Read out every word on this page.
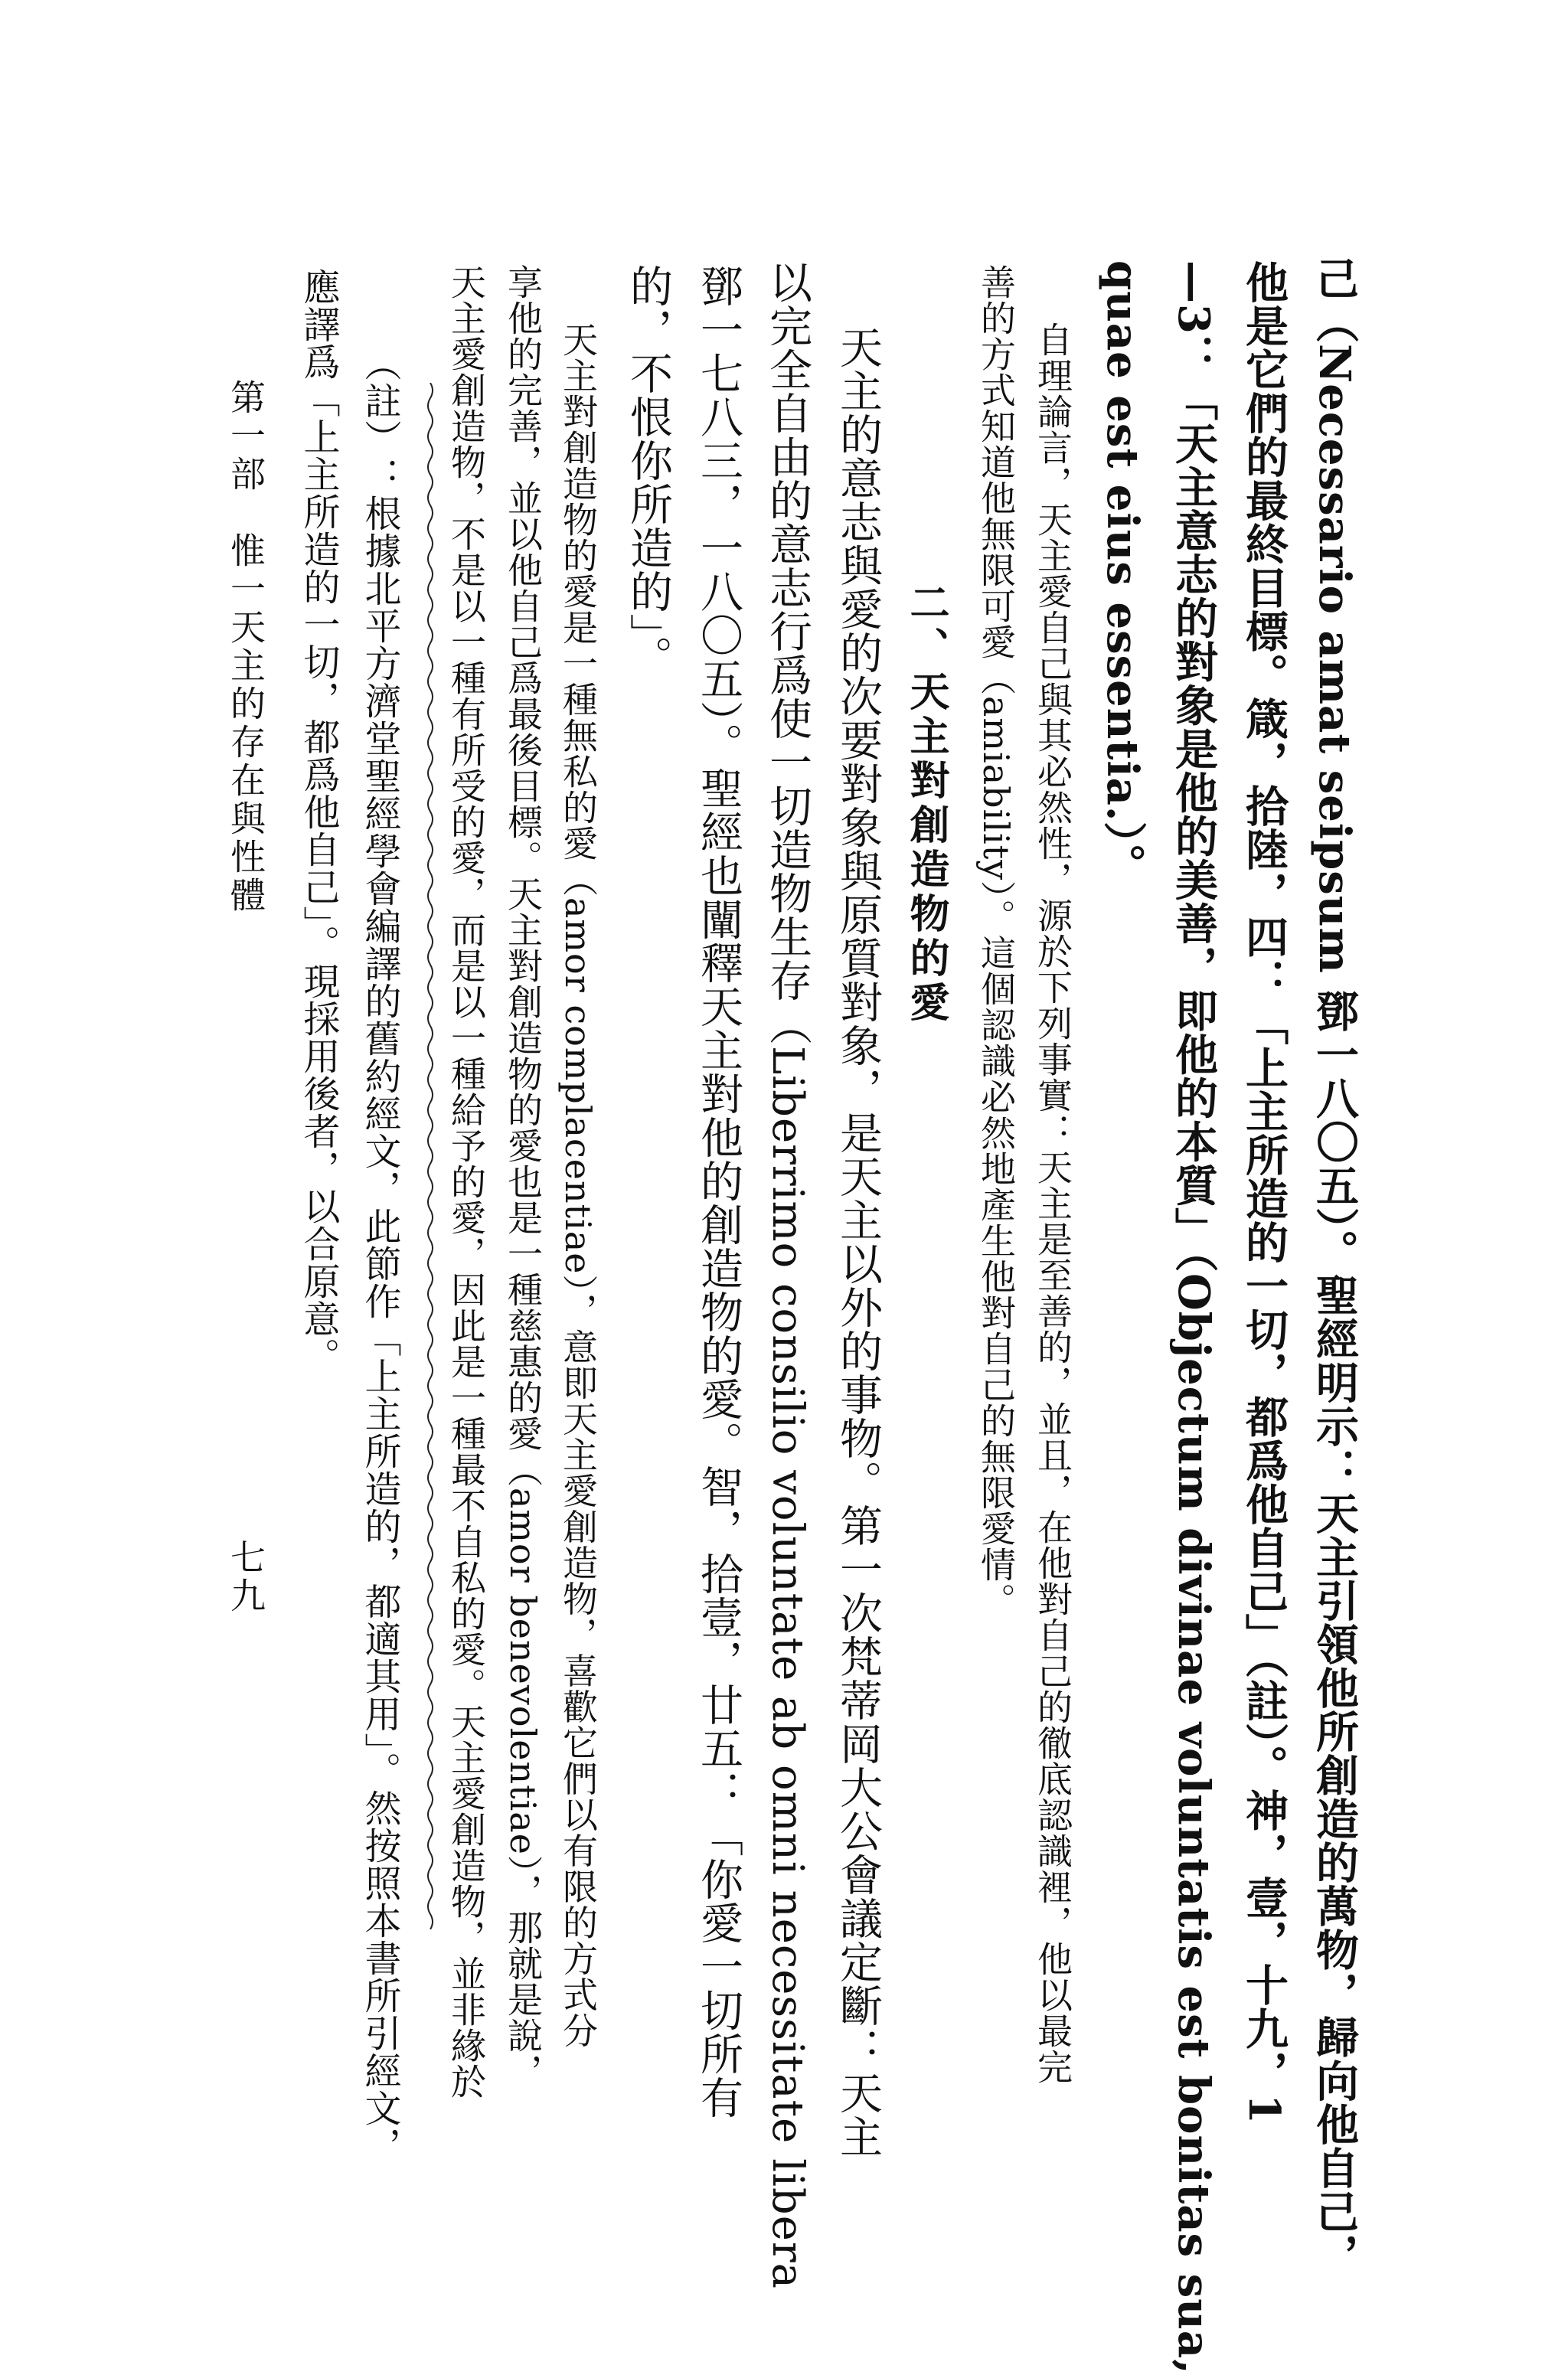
己（Necessario amat seipsum 鄧一八〇五）。聖經明示：天主引領他所創造的萬物，歸向他自己，

他是它們的最終目標。箴，拾陸，四：「上主所造的一切，都爲他自己」（註）。神，壹，十九，1

—3：「天主意志的對象是他的美善，即他的本質」（Objectum divinae voluntatis est bonitas sua,

quae est eius essentia.）。

自理論言，天主愛自己與其必然性，源於下列事實：天主是至善的，並且，在他對自己的徹底認識裡，他以最完

善的方式知道他無限可愛（amiability）。這個認識必然地產生他對自己的無限愛情。

二、天主對創造物的愛

天主的意志與愛的次要對象與原質對象，是天主以外的事物。第一次梵蒂岡大公會議定斷：天主

以完全自由的意志行爲使一切造物生存（Liberrimo consilio voluntate ab omni necessitate libera

鄧一七八三，一八〇五）。聖經也闡釋天主對他的創造物的愛。智，拾壹，廿五：「你愛一切所有

的，不恨你所造的」。

天主對創造物的愛是一種無私的愛（amor complacentiae），意即天主愛創造物，喜歡它們以有限的方式分

享他的完善，並以他自己爲最後目標。天主對創造物的愛也是一種慈惠的愛（amor benevolentiae），那就是說，

天主愛創造物，不是以一種有所受的愛，而是以一種給予的愛，因此是一種最不自私的愛。天主愛創造物，並非緣於

（註）：根據北平方濟堂聖經學會編譯的舊約經文，此節作「上主所造的，都適其用」。然按照本書所引經文，

應譯爲「上主所造的一切，都爲他自己」。現採用後者，以合原意。

第一部　惟一天主的存在與性體

七九
